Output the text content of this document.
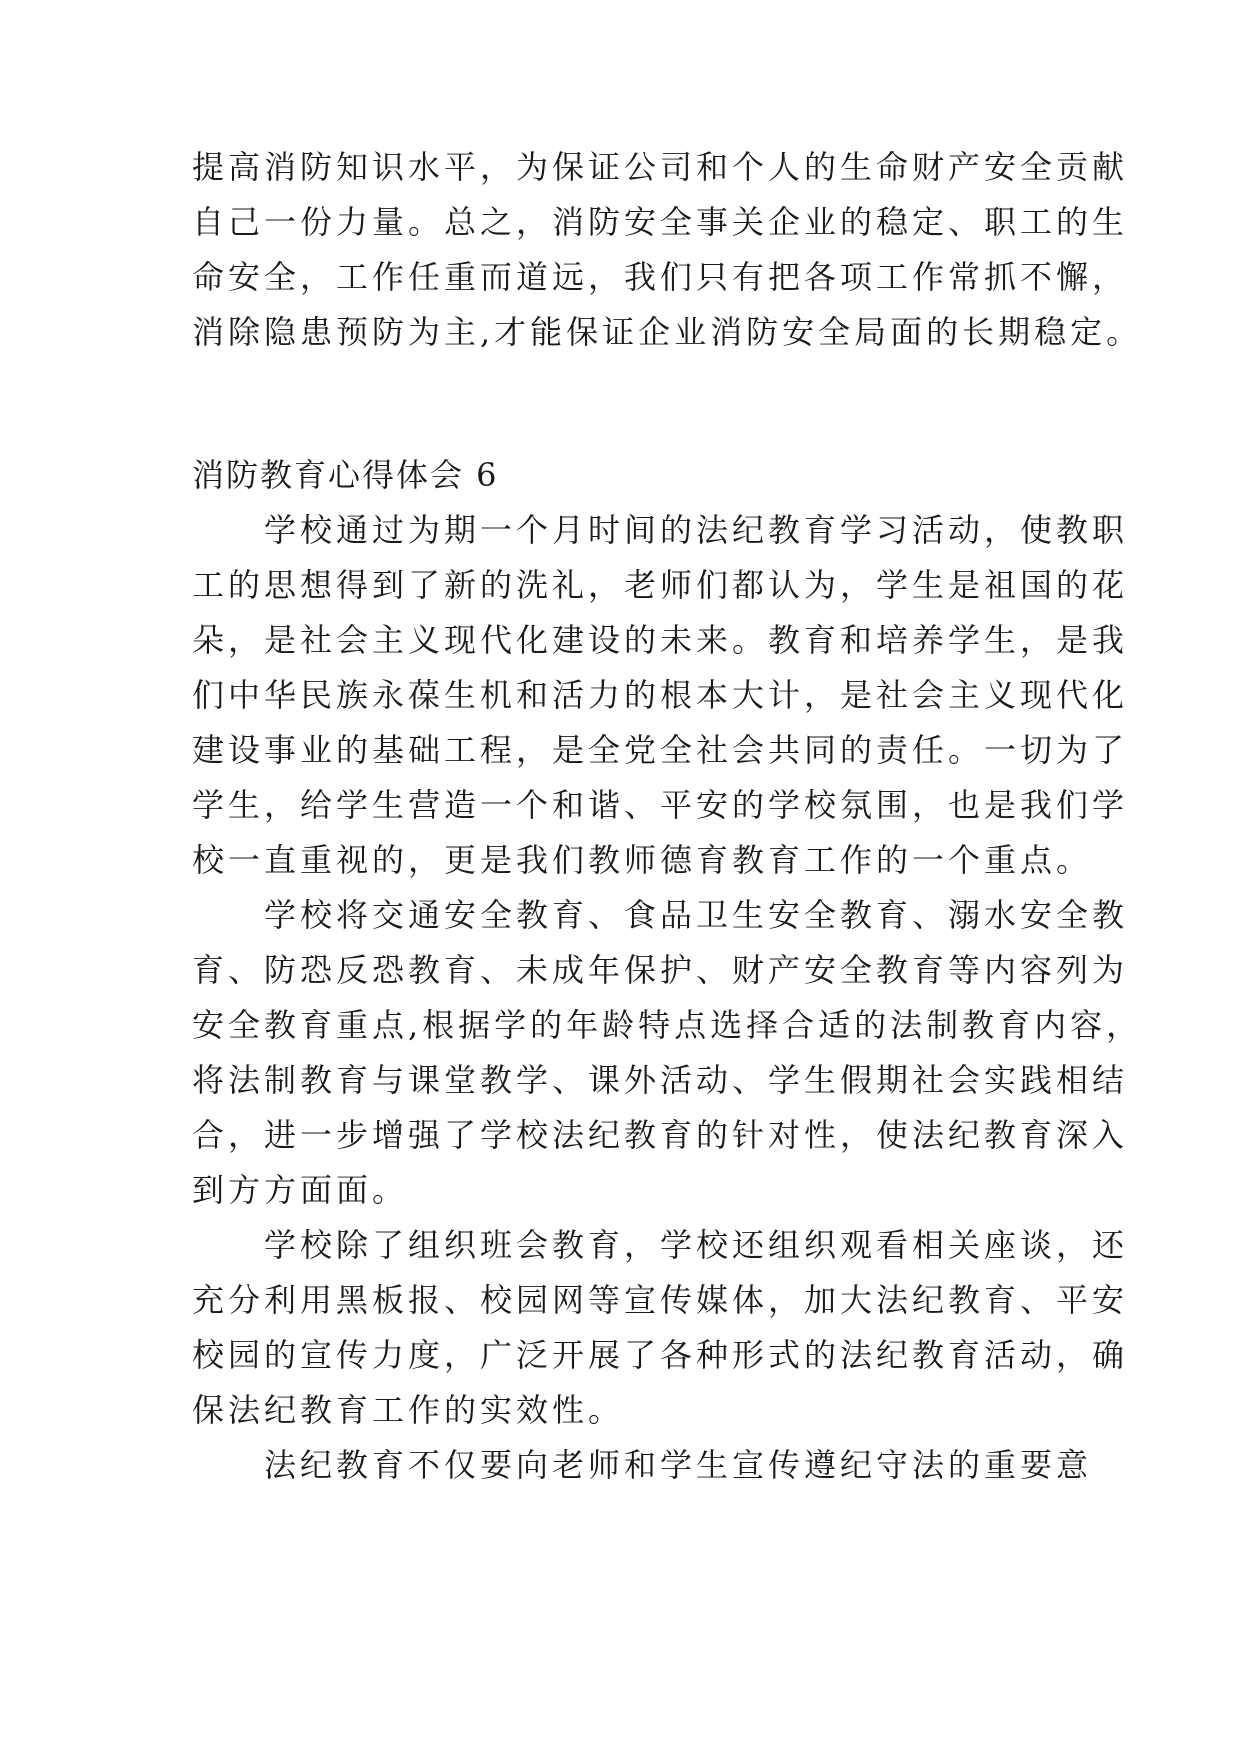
提高消防知识水平，为保证公司和个人的生命财产安全贡献
自己一份力量。总之，消防安全事关企业的稳定、职工的生
命安全，工作任重而道远，我们只有把各项工作常抓不懈，
消除隐患预防为主,才能保证企业消防安全局面的长期稳定。
消防教育心得体会 6
　　学校通过为期一个月时间的法纪教育学习活动，使教职
工的思想得到了新的洗礼，老师们都认为，学生是祖国的花
朵，是社会主义现代化建设的未来。教育和培养学生，是我
们中华民族永葆生机和活力的根本大计，是社会主义现代化
建设事业的基础工程，是全党全社会共同的责任。一切为了
学生，给学生营造一个和谐、平安的学校氛围，也是我们学
校一直重视的，更是我们教师德育教育工作的一个重点。
　　学校将交通安全教育、食品卫生安全教育、溺水安全教
育、防恐反恐教育、未成年保护、财产安全教育等内容列为
安全教育重点,根据学的年龄特点选择合适的法制教育内容，
将法制教育与课堂教学、课外活动、学生假期社会实践相结
合，进一步增强了学校法纪教育的针对性，使法纪教育深入
到方方面面。
　　学校除了组织班会教育，学校还组织观看相关座谈，还
充分利用黑板报、校园网等宣传媒体，加大法纪教育、平安
校园的宣传力度，广泛开展了各种形式的法纪教育活动，确
保法纪教育工作的实效性。
　　法纪教育不仅要向老师和学生宣传遵纪守法的重要意
